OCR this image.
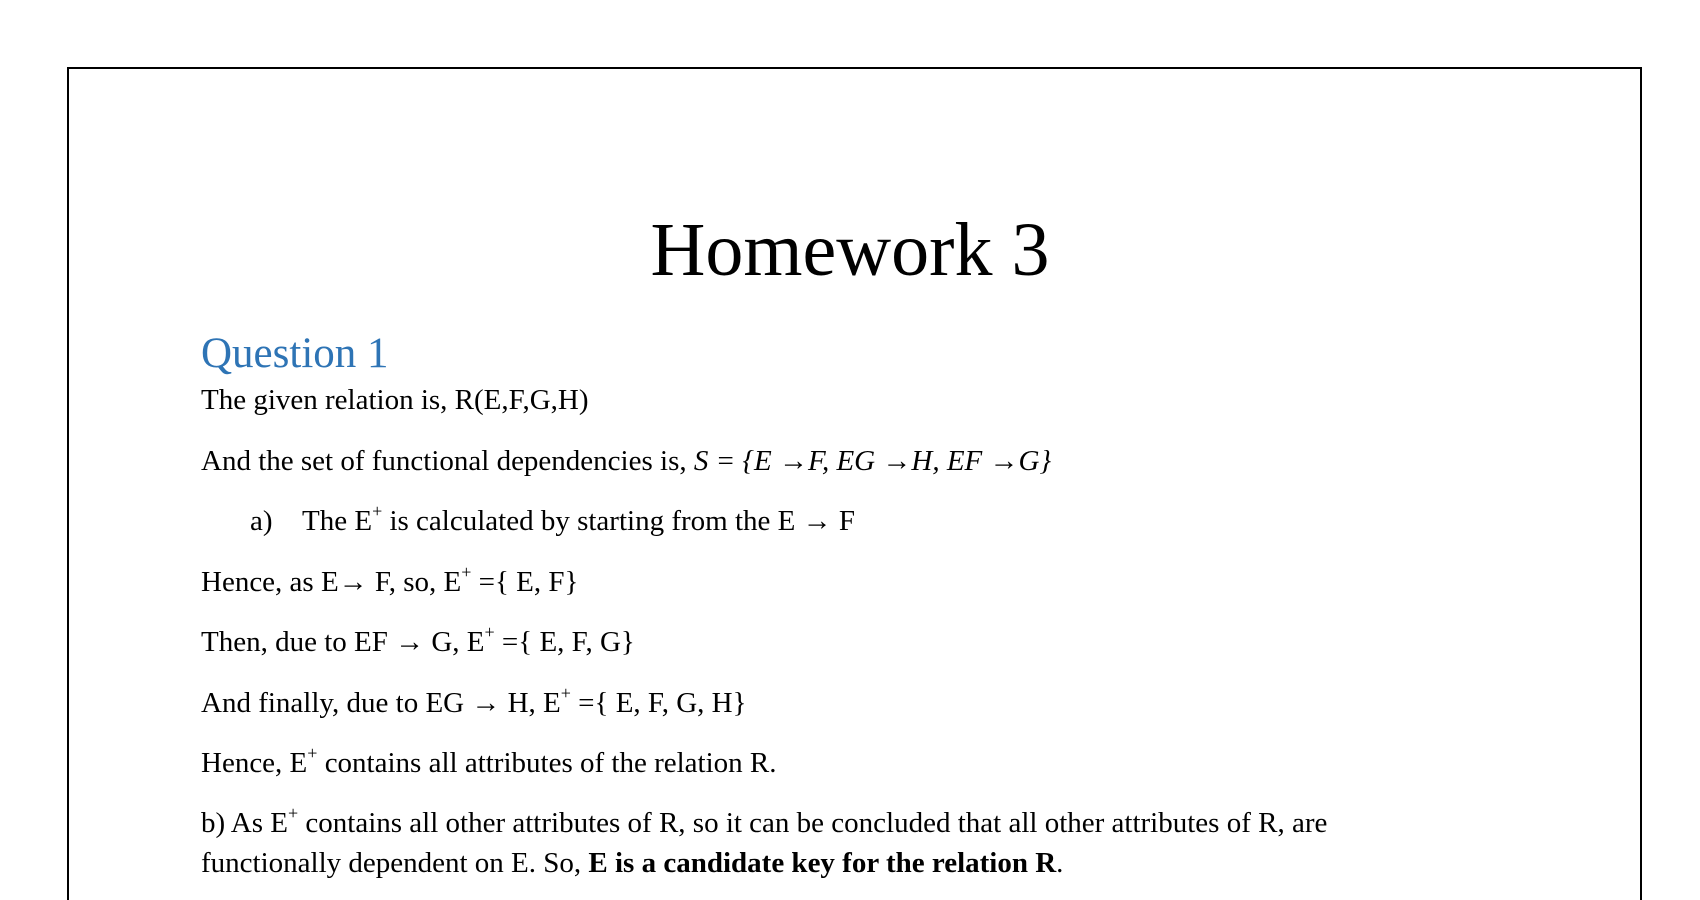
Homework 3
Question 1
The given relation is, R(E,F,G,H)
And the set of functional dependencies is, S = {E →F, EG →H, EF →G}
a) The E+ is calculated by starting from the E → F
Hence, as E→ F, so, E+ ={ E, F}
Then, due to EF → G, E+ ={ E, F, G}
And finally, due to EG → H, E+ ={ E, F, G, H}
Hence, E+ contains all attributes of the relation R.
b) As E+ contains all other attributes of R, so it can be concluded that all other attributes of R, are
functionally dependent on E. So, E is a candidate key for the relation R.
